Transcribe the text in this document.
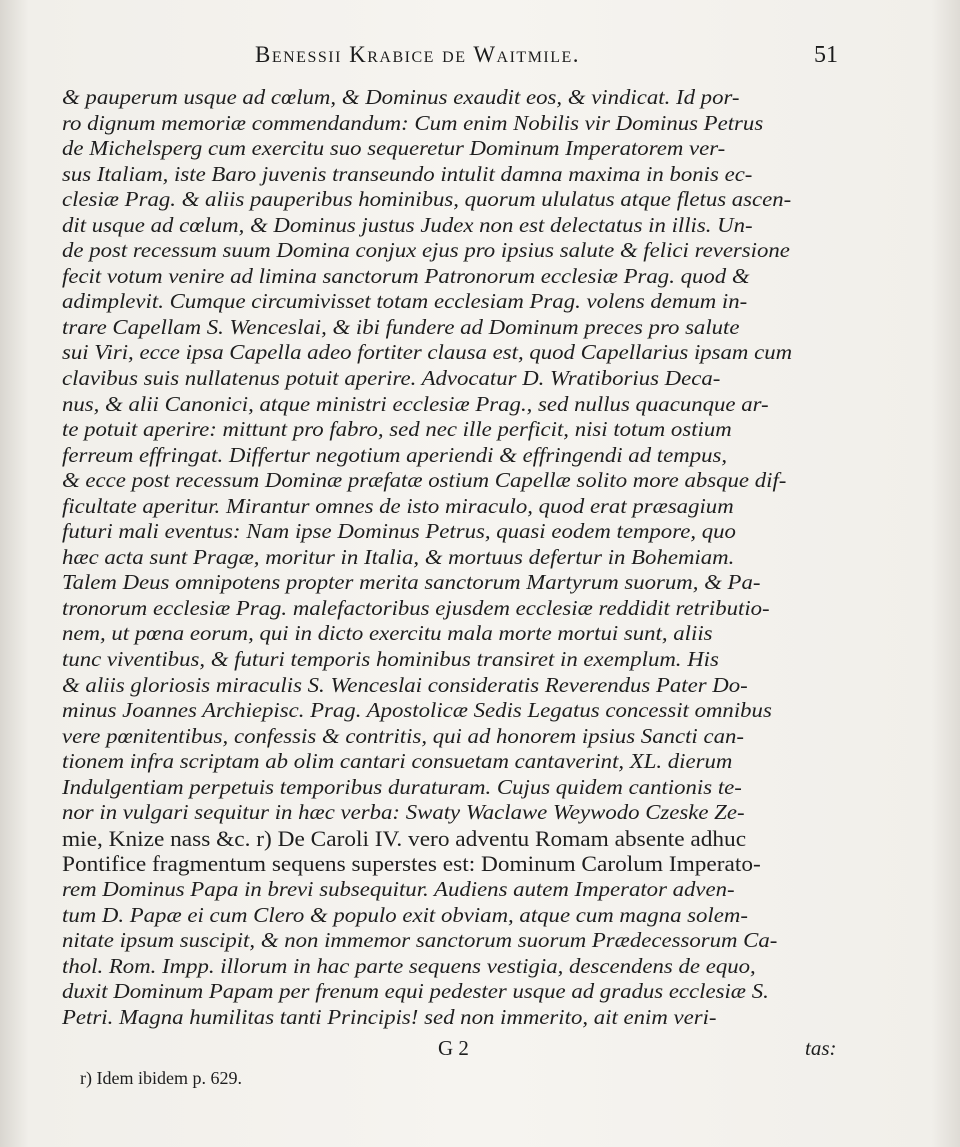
Benessii Krabice de Waitmile.	51
& pauperum usque ad cœlum, & Dominus exaudit eos, & vindicat. Id por-
ro dignum memoriæ commendandum: Cum enim Nobilis vir Dominus Petrus
de Michelsperg cum exercitu suo sequeretur Dominum Imperatorem ver-
sus Italiam, iste Baro juvenis transeundo intulit damna maxima in bonis ec-
clesiæ Prag. & aliis pauperibus hominibus, quorum ululatus atque fletus ascen-
dit usque ad cœlum, & Dominus justus Judex non est delectatus in illis. Un-
de post recessum suum Domina conjux ejus pro ipsius salute & felici reversione
fecit votum venire ad limina sanctorum Patronorum ecclesiæ Prag. quod &
adimplevit. Cumque circumivisset totam ecclesiam Prag. volens demum in-
trare Capellam S. Wenceslai, & ibi fundere ad Dominum preces pro salute
sui Viri, ecce ipsa Capella adeo fortiter clausa est, quod Capellarius ipsam cum
clavibus suis nullatenus potuit aperire. Advocatur D. Wratiborius Deca-
nus, & alii Canonici, atque ministri ecclesiæ Prag., sed nullus quacunque ar-
te potuit aperire: mittunt pro fabro, sed nec ille perficit, nisi totum ostium
ferreum effringat. Differtur negotium aperiendi & effringendi ad tempus,
& ecce post recessum Dominæ præfatæ ostium Capellæ solito more absque dif-
ficultate aperitur. Mirantur omnes de isto miraculo, quod erat præsagium
futuri mali eventus: Nam ipse Dominus Petrus, quasi eodem tempore, quo
hæc acta sunt Pragæ, moritur in Italia, & mortuus defertur in Bohemiam.
Talem Deus omnipotens propter merita sanctorum Martyrum suorum, & Pa-
tronorum ecclesiæ Prag. malefactoribus ejusdem ecclesiæ reddidit retributio-
nem, ut pœna eorum, qui in dicto exercitu mala morte mortui sunt, aliis
tunc viventibus, & futuri temporis hominibus transiret in exemplum. His
& aliis gloriosis miraculis S. Wenceslai consideratis Reverendus Pater Do-
minus Joannes Archiepisc. Prag. Apostolicæ Sedis Legatus concessit omnibus
vere pœnitentibus, confessis & contritis, qui ad honorem ipsius Sancti can-
tionem infra scriptam ab olim cantari consuetam cantaverint, XL. dierum
Indulgentiam perpetuis temporibus duraturam. Cujus quidem cantionis te-
nor in vulgari sequitur in hæc verba: Swaty Waclawe Weywodo Czeske Ze-
mie, Knize nass &c. r) De Caroli IV. vero adventu Romam absente adhuc
Pontifice fragmentum sequens superstes est: Dominum Carolum Imperato-
rem Dominus Papa in brevi subsequitur. Audiens autem Imperator adven-
tum D. Papæ ei cum Clero & populo exit obviam, atque cum magna solem-
nitate ipsum suscipit, & non immemor sanctorum suorum Prædecessorum Ca-
thol. Rom. Impp. illorum in hac parte sequens vestigia, descendens de equo,
duxit Dominum Papam per frenum equi pedester usque ad gradus ecclesiæ S.
Petri. Magna humilitas tanti Principis! sed non immerito, ait enim veri-
G 2	tas:
r) Idem ibidem p. 629.
